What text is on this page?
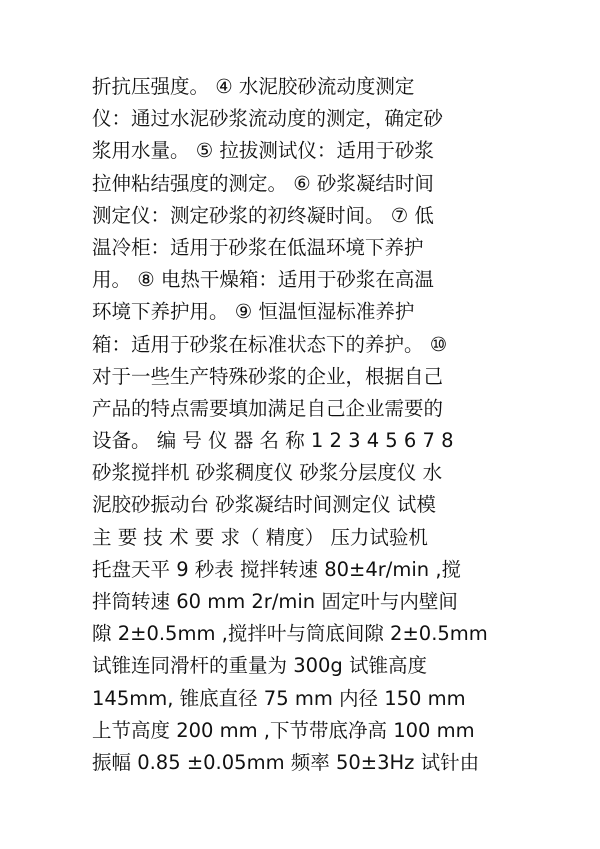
折抗压强度。 ④ 水泥胶砂流动度测定
仪：通过水泥砂浆流动度的测定，确定砂
浆用水量。 ⑤ 拉拔测试仪：适用于砂浆
拉伸粘结强度的测定。 ⑥ 砂浆凝结时间
测定仪：测定砂浆的初终凝时间。 ⑦ 低
温冷柜：适用于砂浆在低温环境下养护
用。 ⑧ 电热干燥箱：适用于砂浆在高温
环境下养护用。 ⑨ 恒温恒湿标准养护
箱：适用于砂浆在标准状态下的养护。 ⑩
对于一些生产特殊砂浆的企业，根据自己
产品的特点需要填加满足自己企业需要的
设备。 编 号 仪 器 名 称 1 2 3 4 5 6 7 8
砂浆搅拌机 砂浆稠度仪 砂浆分层度仪 水
泥胶砂振动台 砂浆凝结时间测定仪 试模
主 要 技 术 要 求（ 精度） 压力试验机
托盘天平 9 秒表 搅拌转速 80±4r/min ,搅
拌筒转速 60 mm 2r/min 固定叶与内壁间
隙 2±0.5mm ,搅拌叶与筒底间隙 2±0.5mm
试锥连同滑杆的重量为 300g 试锥高度
145mm, 锥底直径 75 mm 内径 150 mm
上节高度 200 mm ,下节带底净高 100 mm
振幅 0.85 ±0.05mm 频率 50±3Hz 试针由
